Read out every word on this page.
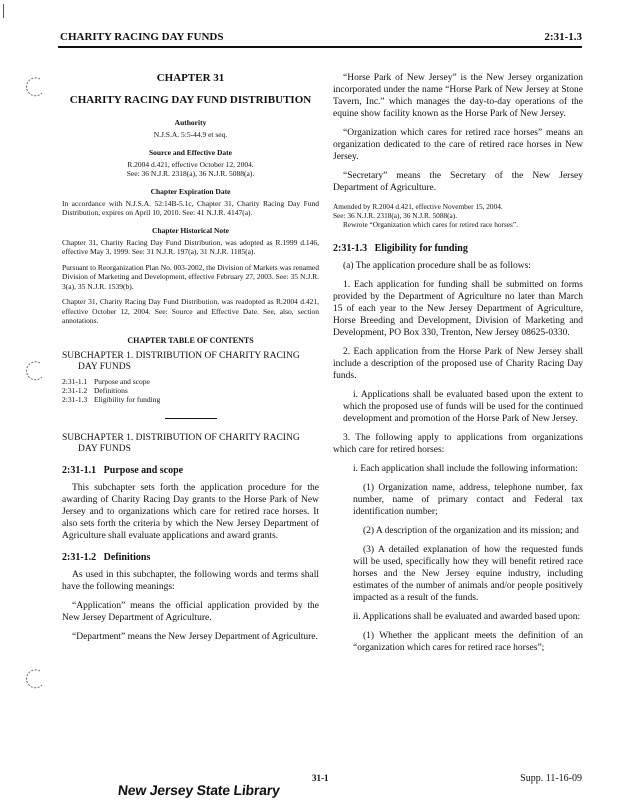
CHARITY RACING DAY FUNDS	2:31-1.3
CHAPTER 31
CHARITY RACING DAY FUND DISTRIBUTION
Authority
N.J.S.A. 5:5-44.9 et seq.
Source and Effective Date
R.2004 d.421, effective October 12, 2004.
See: 36 N.J.R. 2318(a), 36 N.J.R. 5088(a).
Chapter Expiration Date
In accordance with N.J.S.A. 52:14B-5.1c, Chapter 31, Charity Racing Day Fund Distribution, expires on April 10, 2010. See: 41 N.J.R. 4147(a).
Chapter Historical Note
Chapter 31, Charity Racing Day Fund Distribution, was adopted as R.1999 d.146, effective May 3, 1999. See: 31 N.J.R. 197(a), 31 N.J.R. 1185(a).
Pursuant to Reorganization Plan No. 003-2002, the Division of Markets was renamed Division of Marketing and Development, effective February 27, 2003. See: 35 N.J.R. 3(a), 35 N.J.R. 1539(b).
Chapter 31, Charity Racing Day Fund Distribution, was readopted as R.2004 d.421, effective October 12, 2004. See: Source and Effective Date. See, also, section annotations.
CHAPTER TABLE OF CONTENTS
SUBCHAPTER 1. DISTRIBUTION OF CHARITY RACING DAY FUNDS
2:31-1.1 Purpose and scope
2:31-1.2 Definitions
2:31-1.3 Eligibility for funding
SUBCHAPTER 1. DISTRIBUTION OF CHARITY RACING DAY FUNDS
2:31-1.1   Purpose and scope

This subchapter sets forth the application procedure for the awarding of Charity Racing Day grants to the Horse Park of New Jersey and to organizations which care for retired race horses. It also sets forth the criteria by which the New Jersey Department of Agriculture shall evaluate applications and award grants.

2:31-1.2   Definitions

As used in this subchapter, the following words and terms shall have the following meanings:

“Application” means the official application provided by the New Jersey Department of Agriculture.

“Department” means the New Jersey Department of Agriculture.

“Horse Park of New Jersey” is the New Jersey organization incorporated under the name “Horse Park of New Jersey at Stone Tavern, Inc.” which manages the day-to-day operations of the equine show facility known as the Horse Park of New Jersey.

“Organization which cares for retired race horses” means an organization dedicated to the care of retired race horses in New Jersey.

“Secretary” means the Secretary of the New Jersey Department of Agriculture.

Amended by R.2004 d.421, effective November 15, 2004.
See: 36 N.J.R. 2318(a), 36 N.J.R. 5088(a).
Rewrote “Organization which cares for retired race horses”.
2:31-1.3   Eligibility for funding

(a) The application procedure shall be as follows:

1. Each application for funding shall be submitted on forms provided by the Department of Agriculture no later than March 15 of each year to the New Jersey Department of Agriculture, Horse Breeding and Development, Division of Marketing and Development, PO Box 330, Trenton, New Jersey 08625-0330.

2. Each application from the Horse Park of New Jersey shall include a description of the proposed use of Charity Racing Day funds.

i. Applications shall be evaluated based upon the extent to which the proposed use of funds will be used for the continued development and promotion of the Horse Park of New Jersey.

3. The following apply to applications from organizations which care for retired horses:

i. Each application shall include the following information:

(1) Organization name, address, telephone number, fax number, name of primary contact and Federal tax identification number;

(2) A description of the organization and its mission; and

(3) A detailed explanation of how the requested funds will be used, specifically how they will benefit retired race horses and the New Jersey equine industry, including estimates of the number of animals and/or people positively impacted as a result of the funds.

ii. Applications shall be evaluated and awarded based upon:

(1) Whether the applicant meets the definition of an “organization which cares for retired race horses”;

31-1	Supp. 11-16-09
New Jersey State Library
